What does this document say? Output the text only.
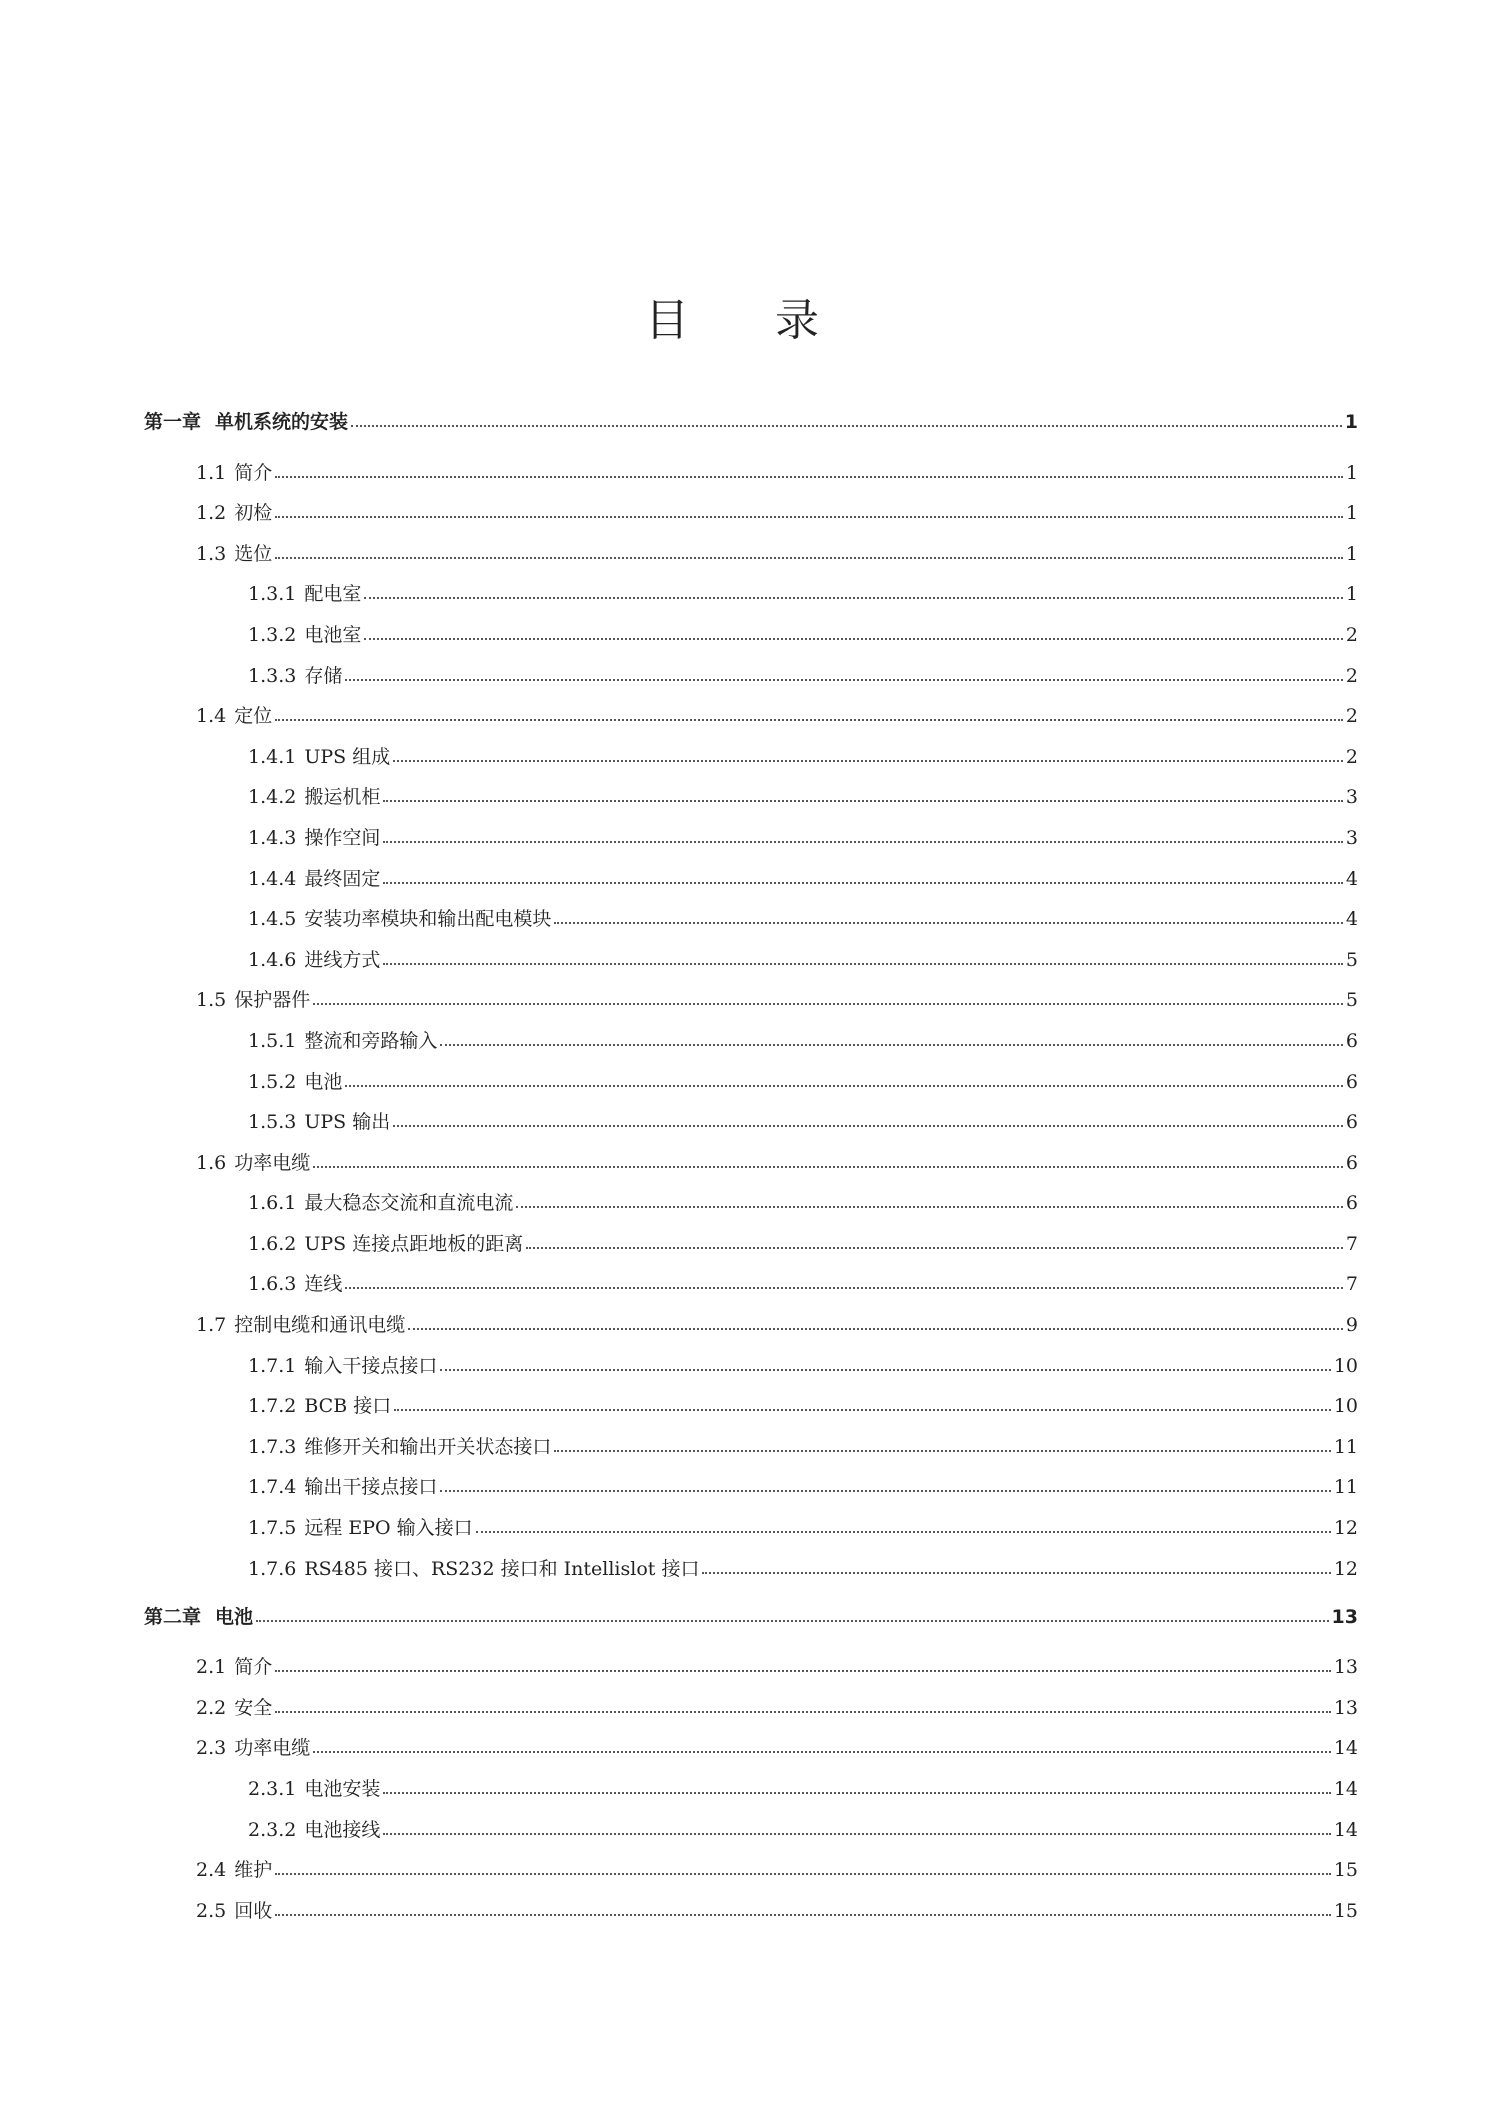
目 录
第一章 单机系统的安装	1
1.1 简介	1
1.2 初检	1
1.3 选位	1
1.3.1 配电室	1
1.3.2 电池室	2
1.3.3 存储	2
1.4 定位	2
1.4.1 UPS 组成	2
1.4.2 搬运机柜	3
1.4.3 操作空间	3
1.4.4 最终固定	4
1.4.5 安装功率模块和输出配电模块	4
1.4.6 进线方式	5
1.5 保护器件	5
1.5.1 整流和旁路输入	6
1.5.2 电池	6
1.5.3 UPS 输出	6
1.6 功率电缆	6
1.6.1 最大稳态交流和直流电流	6
1.6.2 UPS 连接点距地板的距离	7
1.6.3 连线	7
1.7 控制电缆和通讯电缆	9
1.7.1 输入干接点接口	10
1.7.2 BCB 接口	10
1.7.3 维修开关和输出开关状态接口	11
1.7.4 输出干接点接口	11
1.7.5 远程 EPO 输入接口	12
1.7.6 RS485 接口、RS232 接口和 Intellislot 接口	12
第二章 电池	13
2.1 简介	13
2.2 安全	13
2.3 功率电缆	14
2.3.1 电池安装	14
2.3.2 电池接线	14
2.4 维护	15
2.5 回收	15
